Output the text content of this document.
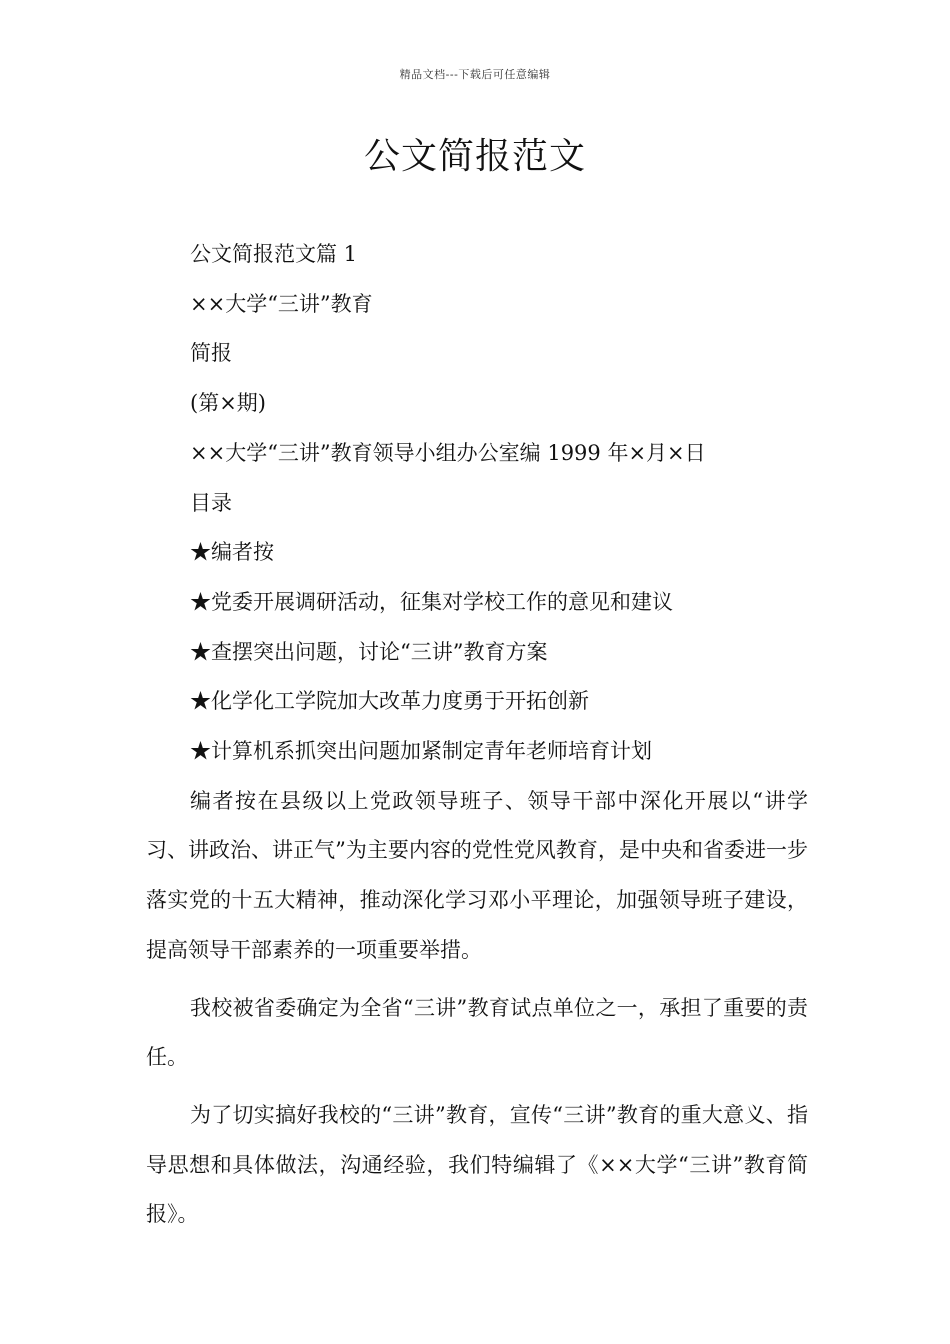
精品文档---下载后可任意编辑
公文简报范文

公文简报范文篇 1

××大学“三讲”教育

简报

(第×期)

××大学“三讲”教育领导小组办公室编 1999 年×月×日

目录

★编者按

★党委开展调研活动，征集对学校工作的意见和建议

★查摆突出问题，讨论“三讲”教育方案

★化学化工学院加大改革力度勇于开拓创新

★计算机系抓突出问题加紧制定青年老师培育计划

编者按在县级以上党政领导班子、领导干部中深化开展以“讲学习、讲政治、讲正气”为主要内容的党性党风教育，是中央和省委进一步落实党的十五大精神，推动深化学习邓小平理论，加强领导班子建设，提高领导干部素养的一项重要举措。

我校被省委确定为全省“三讲”教育试点单位之一，承担了重要的责任。

为了切实搞好我校的“三讲”教育，宣传“三讲”教育的重大意义、指导思想和具体做法，沟通经验，我们特编辑了《××大学“三讲”教育简报》。
